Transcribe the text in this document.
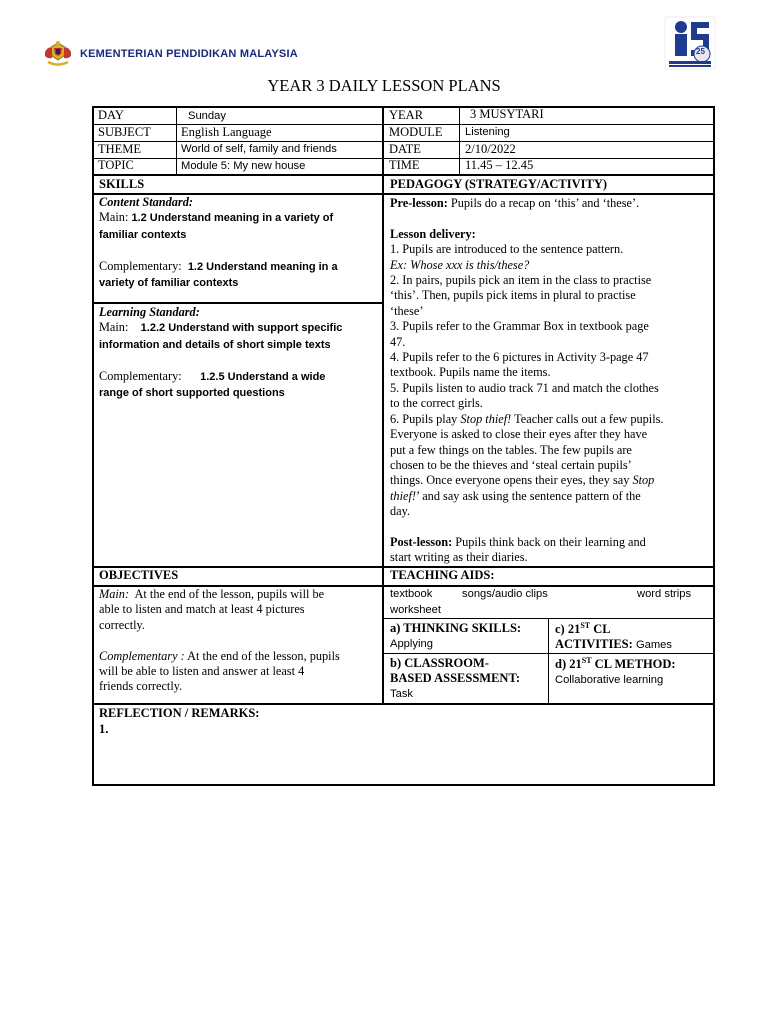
KEMENTERIAN PENDIDIKAN MALAYSIA	25
YEAR 3 DAILY LESSON PLANS
DAY	Sunday	YEAR	3 MUSYTARI
SUBJECT English Language	MODULE Listening
THEME	World of self, family and friends	DATE	2/10/2022
TOPIC	Module 5: My new house	TIME	11.45 – 12.45
SKILLS	PEDAGOGY (STRATEGY/ACTIVITY)
Content Standard:
Main: 1.2 Understand meaning in a variety of
familiar contexts

Complementary: 1.2 Understand meaning in a
variety of familiar contexts
Learning Standard:
Main: 1.2.2 Understand with support specific
information and details of short simple texts

Complementary: 1.2.5 Understand a wide
range of short supported questions
Pre-lesson: Pupils do a recap on ‘this’ and ‘these’.

Lesson delivery:
1. Pupils are introduced to the sentence pattern.
Ex: Whose xxx is this/these?
2. In pairs, pupils pick an item in the class to practise
‘this’. Then, pupils pick items in plural to practise
‘these’
3. Pupils refer to the Grammar Box in textbook page
47.
4. Pupils refer to the 6 pictures in Activity 3-page 47
textbook. Pupils name the items.
5. Pupils listen to audio track 71 and match the clothes
to the correct girls.
6. Pupils play Stop thief! Teacher calls out a few pupils.
Everyone is asked to close their eyes after they have
put a few things on the tables. The few pupils are
chosen to be the thieves and ‘steal certain pupils’
things. Once everyone opens their eyes, they say Stop
thief!’ and say ask using the sentence pattern of the
day.

Post-lesson: Pupils think back on their learning and
start writing as their diaries.
OBJECTIVES	TEACHING AIDS:
Main: At the end of the lesson, pupils will be
able to listen and match at least 4 pictures
correctly.

Complementary : At the end of the lesson, pupils
will be able to listen and answer at least 4
friends correctly.
textbook	songs/audio clips	word strips
worksheet
a) THINKING SKILLS:
Applying
c) 21ST CL
ACTIVITIES: Games
b) CLASSROOM-
BASED ASSESSMENT:
Task
d) 21ST CL METHOD:
Collaborative learning
REFLECTION / REMARKS:
1.
